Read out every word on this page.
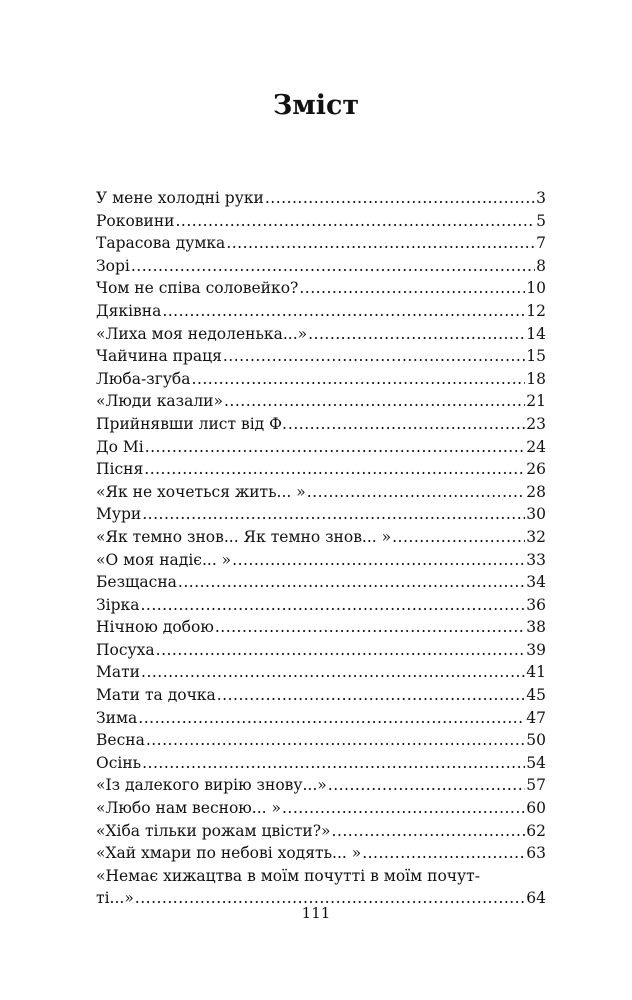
Зміст
У мене холодні руки .....	3
Роковини .....	5
Тарасова думка .....	7
Зорі .....	8
Чом не співа соловейко? .....	10
Дяківна .....	12
«Лиха моя недоленька...» .....	14
Чайчина праця .....	15
Люба-згуба .....	18
«Люди казали» .....	21
Прийнявши лист від Ф. .....	23
До Мі .....	24
Пісня .....	26
«Як не хочеться жить... » .....	28
Мури .....	30
«Як темно знов... Як темно знов... » .....	32
«О моя надіє... » .....	33
Безщасна .....	34
Зірка .....	36
Нічною добою .....	38
Посуха .....	39
Мати .....	41
Мати та дочка .....	45
Зима .....	47
Весна .....	50
Осінь .....	54
«Із далекого вирію знову...» .....	57
«Любо нам весною... » .....	60
«Хіба тільки рожам цвісти?» .....	62
«Хай хмари по небові ходять... » .....	63
«Немає хижацтва в моїм почутті в моїм почут-
ті...» .....	64

111
